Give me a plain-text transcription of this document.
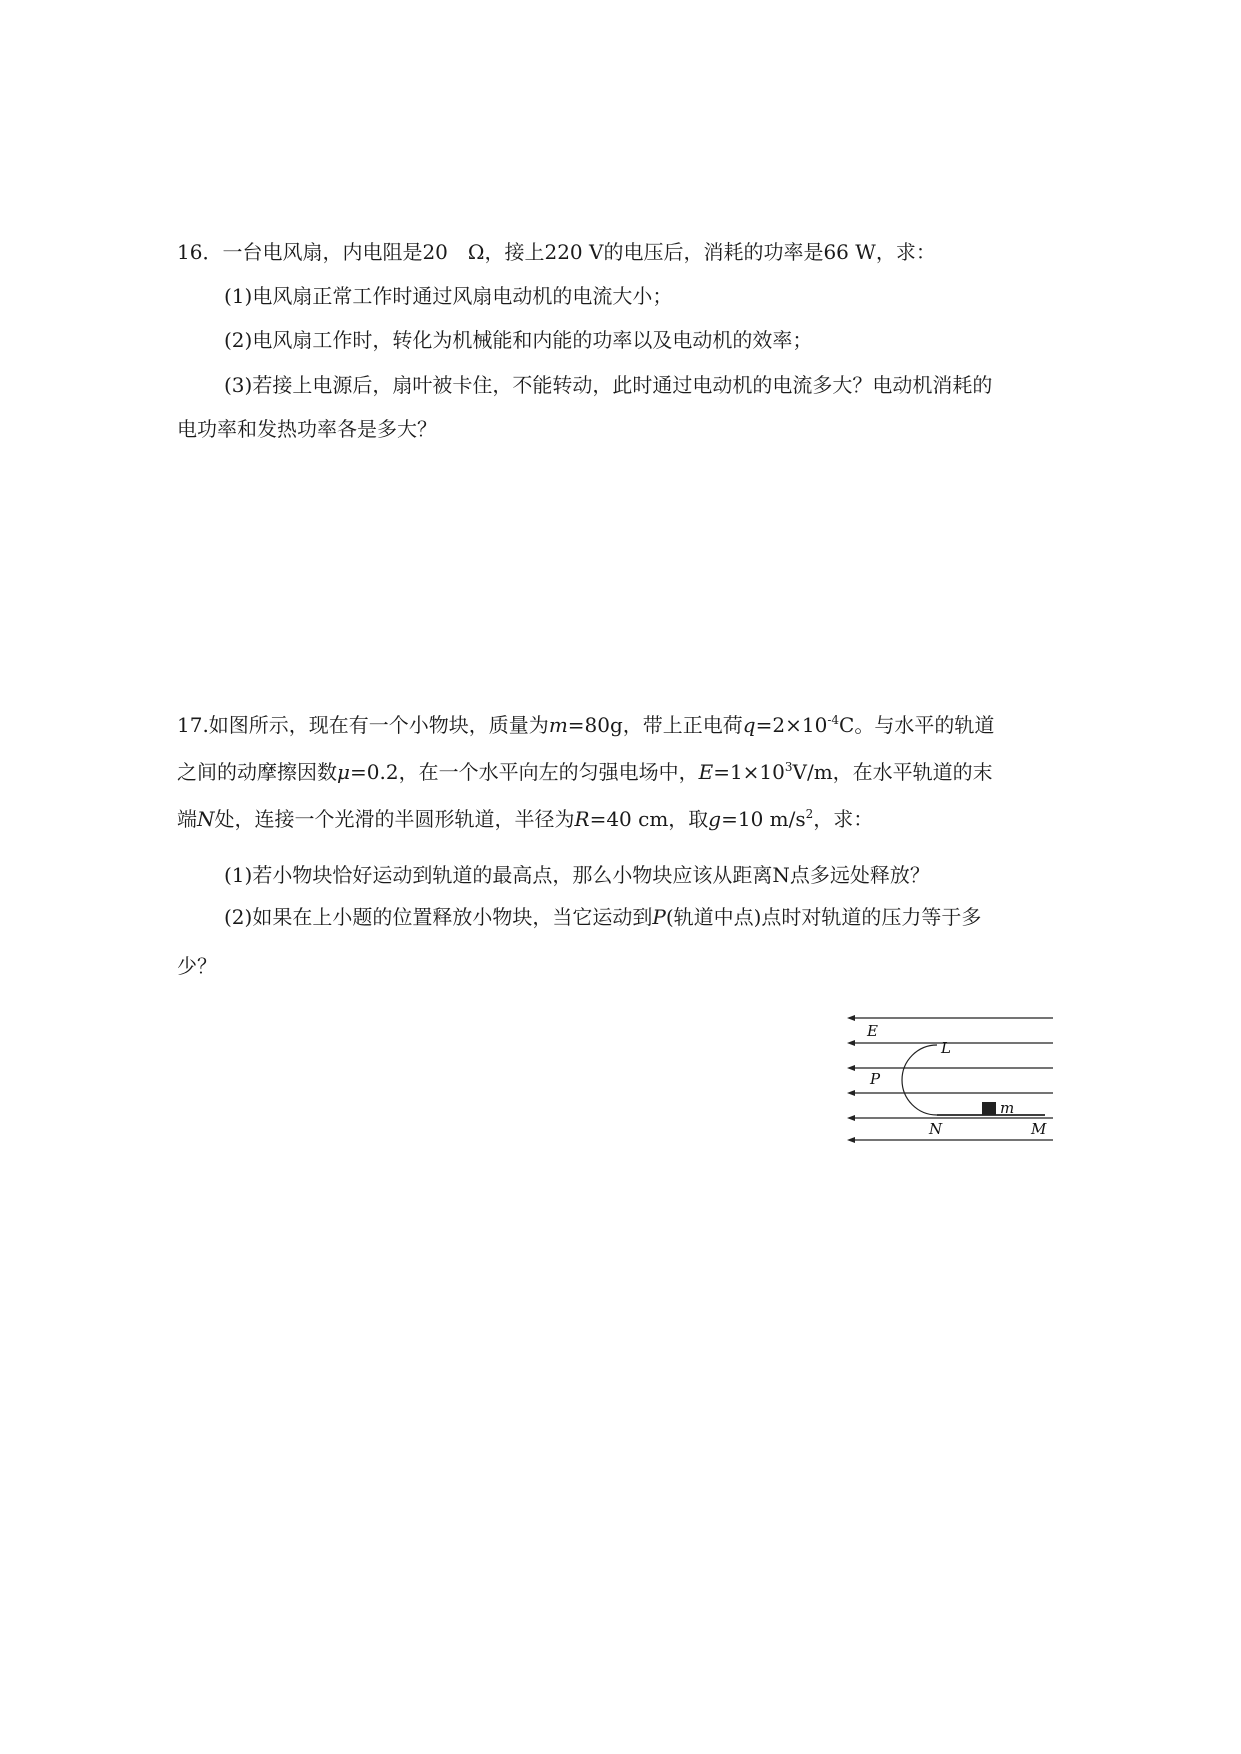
16．一台电风扇，内电阻是20　Ω，接上220 V的电压后，消耗的功率是66 W，求：
(1)电风扇正常工作时通过风扇电动机的电流大小；
(2)电风扇工作时，转化为机械能和内能的功率以及电动机的效率；
(3)若接上电源后，扇叶被卡住，不能转动，此时通过电动机的电流多大？电动机消耗的
电功率和发热功率各是多大？
17.如图所示，现在有一个小物块，质量为m=80g，带上正电荷$q=2\times 10^{-4}C$。与水平的轨道
之间的动摩擦因数μ=0.2，在一个水平向左的匀强电场中，$E=1\times 10^3V/m$，在水平轨道的末
端N处，连接一个光滑的半圆形轨道，半径为R=40 cm，取g=10 $m/s^2$，求：
(1)若小物块恰好运动到轨道的最高点，那么小物块应该从距离N点多远处释放？
(2)如果在上小题的位置释放小物块，当它运动到P(轨道中点)点时对轨道的压力等于多
少？
E
L
P
m
N	M
